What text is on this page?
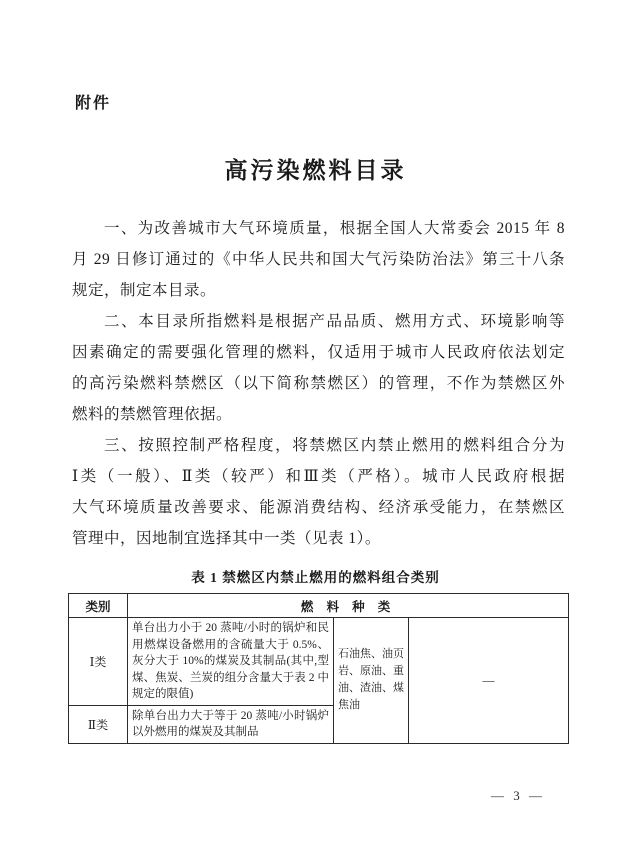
附件
高污染燃料目录
一、为改善城市大气环境质量，根据全国人大常委会 2015 年 8
月 29 日修订通过的《中华人民共和国大气污染防治法》第三十八条
规定，制定本目录。
二、本目录所指燃料是根据产品品质、燃用方式、环境影响等
因素确定的需要强化管理的燃料，仅适用于城市人民政府依法划定
的高污染燃料禁燃区（以下简称禁燃区）的管理，不作为禁燃区外
燃料的禁燃管理依据。
三、按照控制严格程度，将禁燃区内禁止燃用的燃料组合分为
Ⅰ类（一般）、Ⅱ类（较严）和Ⅲ类（严格）。城市人民政府根据
大气环境质量改善要求、能源消费结构、经济承受能力，在禁燃区
管理中，因地制宜选择其中一类（见表 1）。
表 1 禁燃区内禁止燃用的燃料组合类别
类别	燃 料 种 类		
Ⅰ类	单台出力小于 20 蒸吨/小时的锅炉和民用燃煤设备燃用的含硫量大于 0.5%、灰分大于 10%的煤炭及其制品(其中,型煤、焦炭、兰炭的组分含量大于表 2 中规定的限值)	石油焦、油页岩、原油、重油、渣油、煤焦油	—
Ⅱ类	除单台出力大于等于 20 蒸吨/小时锅炉以外燃用的煤炭及其制品		
— 3 —
